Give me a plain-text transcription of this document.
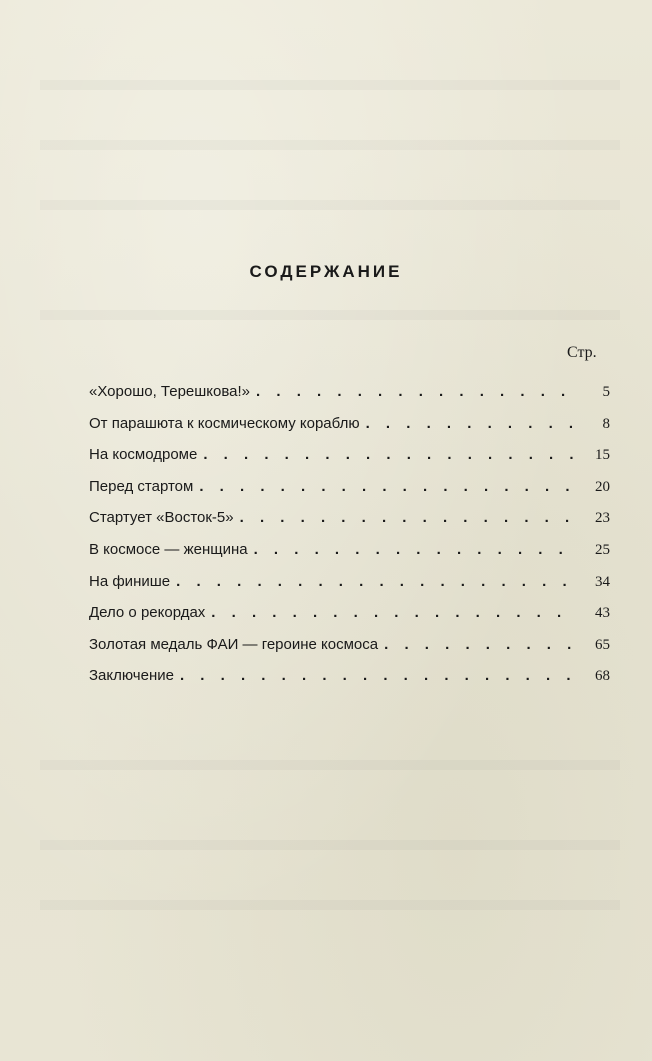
СОДЕРЖАНИЕ
Стр.
«Хорошо, Терешкова!» . . .	5
От парашюта к космическому кораблю . . .	8
На космодроме . . .	15
Перед стартом . . .	20
Стартует «Восток-5» . . .	23
В космосе — женщина . . .	25
На финише . . .	34
Дело о рекордах . . .	43
Золотая медаль ФАИ — героине космоса . . .	65
Заключение . . .	68
